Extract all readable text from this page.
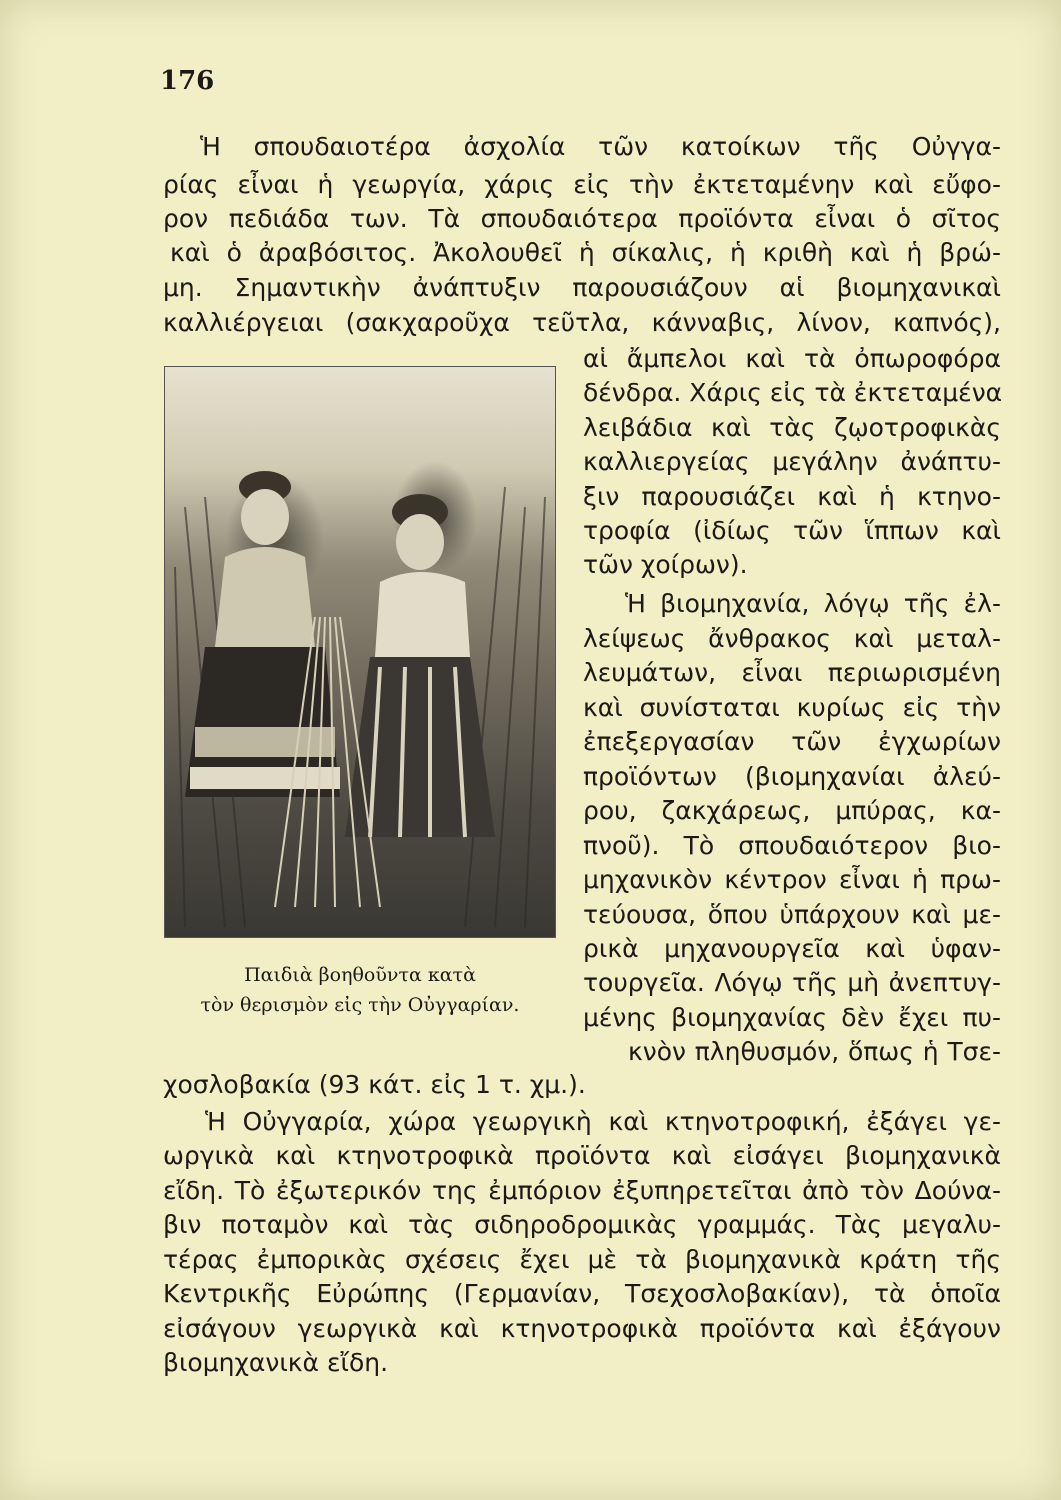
176
Ἡ σπουδαιοτέρα ἀσχολία τῶν κατοίκων τῆς Οὐγγα-
ρίας εἶναι ἡ γεωργία, χάρις εἰς τὴν ἐκτεταμένην καὶ εὔφο-
ρον πεδιάδα των. Τὰ σπουδαιότερα προϊόντα εἶναι ὁ σῖτος
καὶ ὁ ἀραβόσιτος. Ἀκολουθεῖ ἡ σίκαλις, ἡ κριθὴ καὶ ἡ βρώ-
μη. Σημαντικὴν ἀνάπτυξιν παρουσιάζουν αἱ βιομηχανικαὶ
καλλιέργειαι (σακχαροῦχα τεῦτλα, κάνναβις, λίνον, καπνός),
αἱ ἄμπελοι καὶ τὰ ὀπωροφόρα
δένδρα. Χάρις εἰς τὰ ἐκτεταμένα
λειβάδια καὶ τὰς ζῳοτροφικὰς
καλλιεργείας μεγάλην ἀνάπτυ-
ξιν παρουσιάζει καὶ ἡ κτηνο-
τροφία (ἰδίως τῶν ἵππων καὶ
τῶν χοίρων).
Ἡ βιομηχανία, λόγῳ τῆς ἐλ-
λείψεως ἄνθρακος καὶ μεταλ-
λευμάτων, εἶναι περιωρισμένη
καὶ συνίσταται κυρίως εἰς τὴν
ἐπεξεργασίαν τῶν ἐγχωρίων
προϊόντων (βιομηχανίαι ἀλεύ-
ρου, ζακχάρεως, μπύρας, κα-
πνοῦ). Τὸ σπουδαιότερον βιο-
μηχανικὸν κέντρον εἶναι ἡ πρω-
τεύουσα, ὅπου ὑπάρχουν καὶ με-
ρικὰ μηχανουργεῖα καὶ ὑφαν-
τουργεῖα. Λόγῳ τῆς μὴ ἀνεπτυγ-
μένης βιομηχανίας δὲν ἔχει πυ-
κνὸν πληθυσμόν, ὅπως ἡ Τσε-
Παιδιὰ βοηθοῦντα κατὰ
τὸν θερισμὸν εἰς τὴν Οὐγγαρίαν.
χοσλοβακία (93 κάτ. εἰς 1 τ. χμ.).
Ἡ Οὐγγαρία, χώρα γεωργικὴ καὶ κτηνοτροφική, ἐξάγει γε-
ωργικὰ καὶ κτηνοτροφικὰ προϊόντα καὶ εἰσάγει βιομηχανικὰ
εἴδη. Τὸ ἐξωτερικόν της ἐμπόριον ἐξυπηρετεῖται ἀπὸ τὸν Δούνα-
βιν ποταμὸν καὶ τὰς σιδηροδρομικὰς γραμμάς. Τὰς μεγαλυ-
τέρας ἐμπορικὰς σχέσεις ἔχει μὲ τὰ βιομηχανικὰ κράτη τῆς
Κεντρικῆς Εὐρώπης (Γερμανίαν, Τσεχοσλοβακίαν), τὰ ὁποῖα
εἰσάγουν γεωργικὰ καὶ κτηνοτροφικὰ προϊόντα καὶ ἐξάγουν
βιομηχανικὰ εἴδη.
